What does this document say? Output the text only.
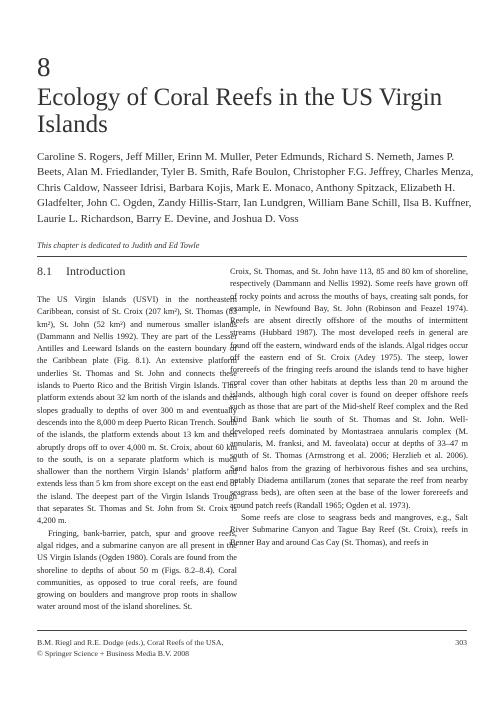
8
Ecology of Coral Reefs in the US Virgin Islands
Caroline S. Rogers, Jeff Miller, Erinn M. Muller, Peter Edmunds, Richard S. Nemeth, James P. Beets, Alan M. Friedlander, Tyler B. Smith, Rafe Boulon, Christopher F.G. Jeffrey, Charles Menza, Chris Caldow, Nasseer Idrisi, Barbara Kojis, Mark E. Monaco, Anthony Spitzack, Elizabeth H. Gladfelter, John C. Ogden, Zandy Hillis-Starr, Ian Lundgren, William Bane Schill, Ilsa B. Kuffner, Laurie L. Richardson, Barry E. Devine, and Joshua D. Voss
This chapter is dedicated to Judith and Ed Towle
8.1 Introduction

The US Virgin Islands (USVI) in the northeastern Caribbean, consist of St. Croix (207 km²), St. Thomas (83 km²), St. John (52 km²) and numerous smaller islands (Dammann and Nellis 1992). They are part of the Lesser Antilles and Leeward Islands on the eastern boundary of the Caribbean plate (Fig. 8.1). An extensive platform underlies St. Thomas and St. John and connects these islands to Puerto Rico and the British Virgin Islands. This platform extends about 32 km north of the islands and then slopes gradually to depths of over 300 m and eventually descends into the 8,000 m deep Puerto Rican Trench. South of the islands, the platform extends about 13 km and then abruptly drops off to over 4,000 m. St. Croix, about 60 km to the south, is on a separate platform which is much shallower than the northern Virgin Islands’ platform and extends less than 5 km from shore except on the east end of the island. The deepest part of the Virgin Islands Trough that separates St. Thomas and St. John from St. Croix is 4,200 m.

Fringing, bank-barrier, patch, spur and groove reefs, algal ridges, and a submarine canyon are all present in the US Virgin Islands (Ogden 1980). Corals are found from the shoreline to depths of about 50 m (Figs. 8.2–8.4). Coral communities, as opposed to true coral reefs, are found growing on boulders and mangrove prop roots in shallow water around most of the island shorelines. St.

Croix, St. Thomas, and St. John have 113, 85 and 80 km of shoreline, respectively (Dammann and Nellis 1992). Some reefs have grown off of rocky points and across the mouths of bays, creating salt ponds, for example, in Newfound Bay, St. John (Robinson and Feazel 1974). Reefs are absent directly offshore of the mouths of intermittent streams (Hubbard 1987). The most developed reefs in general are found off the eastern, windward ends of the islands. Algal ridges occur off the eastern end of St. Croix (Adey 1975). The steep, lower forereefs of the fringing reefs around the islands tend to have higher coral cover than other habitats at depths less than 20 m around the islands, although high coral cover is found on deeper offshore reefs such as those that are part of the Mid-shelf Reef complex and the Red Hind Bank which lie south of St. Thomas and St. John. Well-developed reefs dominated by Montastraea annularis complex (M. annularis, M. franksi, and M. faveolata) occur at depths of 33–47 m south of St. Thomas (Armstrong et al. 2006; Herzlieb et al. 2006). Sand halos from the grazing of herbivorous fishes and sea urchins, notably Diadema antillarum (zones that separate the reef from nearby seagrass beds), are often seen at the base of the lower forereefs and around patch reefs (Randall 1965; Ogden et al. 1973).

Some reefs are close to seagrass beds and mangroves, e.g., Salt River Submarine Canyon and Tague Bay Reef (St. Croix), reefs in Benner Bay and around Cas Cay (St. Thomas), and reefs in

B.M. Riegl and R.E. Dodge (eds.), Coral Reefs of the USA,
© Springer Science + Business Media B.V. 2008
303
